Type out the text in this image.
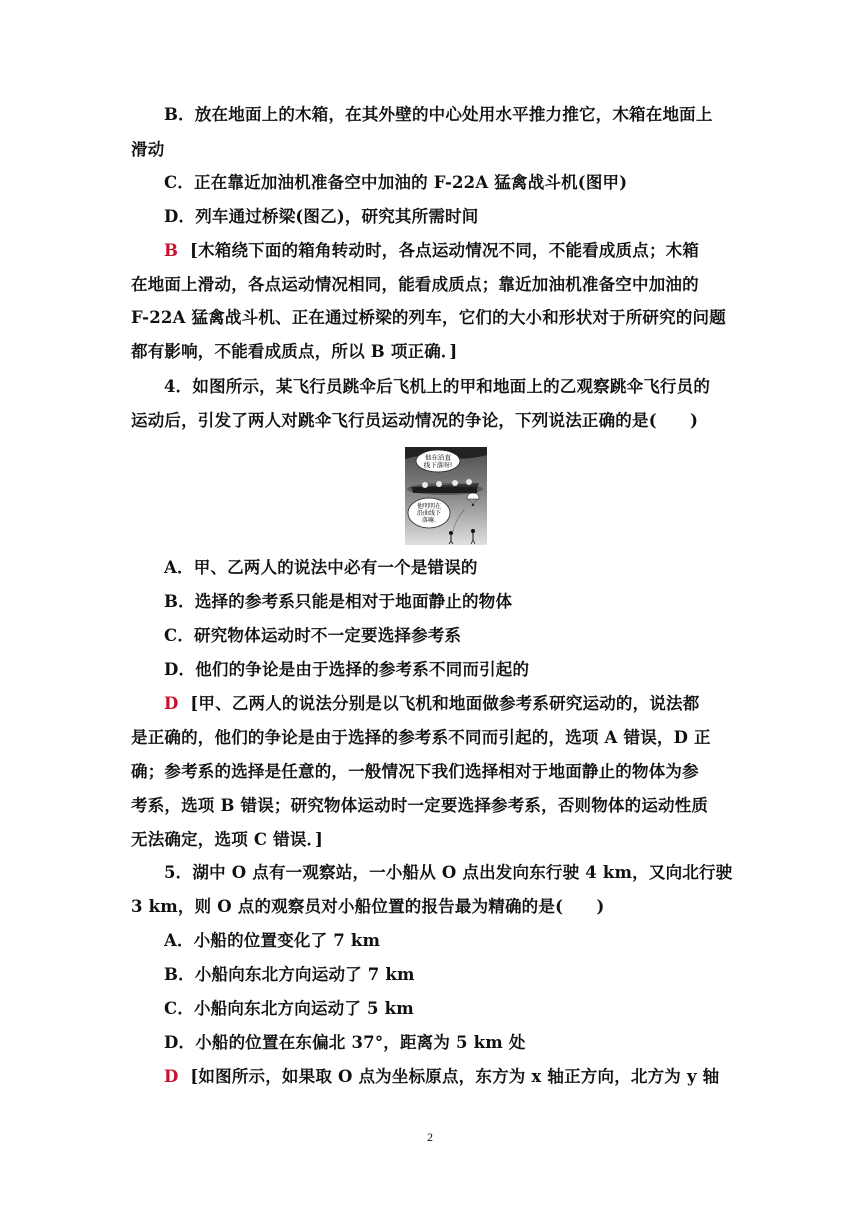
B．放在地面上的木箱，在其外壁的中心处用水平推力推它，木箱在地面上
滑动
C．正在靠近加油机准备空中加油的 F-22A 猛禽战斗机(图甲)
D．列车通过桥梁(图乙)，研究其所需时间
B [木箱绕下面的箱角转动时，各点运动情况不同，不能看成质点；木箱
在地面上滑动，各点运动情况相同，能看成质点；靠近加油机准备空中加油的
F-22A 猛禽战斗机、正在通过桥梁的列车，它们的大小和形状对于所研究的问题
都有影响，不能看成质点，所以 B 项正确．]
4．如图所示，某飞行员跳伞后飞机上的甲和地面上的乙观察跳伞飞行员的
运动后，引发了两人对跳伞飞行员运动情况的争论，下列说法正确的是(　　)
他在沿直
线下落呀!
他明明在
沿曲线下
落嘛.
A．甲、乙两人的说法中必有一个是错误的
B．选择的参考系只能是相对于地面静止的物体
C．研究物体运动时不一定要选择参考系
D．他们的争论是由于选择的参考系不同而引起的
D [甲、乙两人的说法分别是以飞机和地面做参考系研究运动的，说法都
是正确的，他们的争论是由于选择的参考系不同而引起的，选项 A 错误，D 正
确；参考系的选择是任意的，一般情况下我们选择相对于地面静止的物体为参
考系，选项 B 错误；研究物体运动时一定要选择参考系，否则物体的运动性质
无法确定，选项 C 错误．]
5．湖中 O 点有一观察站，一小船从 O 点出发向东行驶 4 km，又向北行驶
3 km，则 O 点的观察员对小船位置的报告最为精确的是(　　)
A．小船的位置变化了 7 km
B．小船向东北方向运动了 7 km
C．小船向东北方向运动了 5 km
D．小船的位置在东偏北 37°，距离为 5 km 处
D [如图所示，如果取 O 点为坐标原点，东方为 x 轴正方向，北方为 y 轴
2
